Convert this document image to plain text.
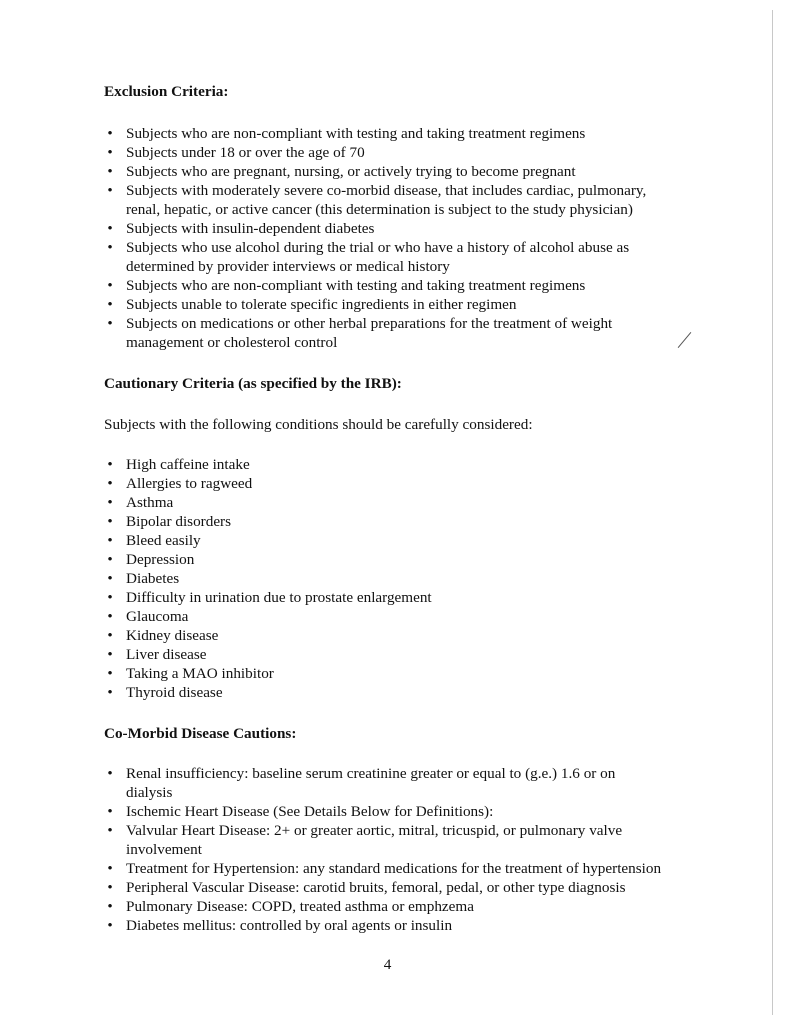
Exclusion Criteria:
• Subjects who are non-compliant with testing and taking treatment regimens
• Subjects under 18 or over the age of 70
• Subjects who are pregnant, nursing, or actively trying to become pregnant
• Subjects with moderately severe co-morbid disease, that includes cardiac, pulmonary, renal, hepatic, or active cancer (this determination is subject to the study physician)
• Subjects with insulin-dependent diabetes
• Subjects who use alcohol during the trial or who have a history of alcohol abuse as determined by provider interviews or medical history
• Subjects who are non-compliant with testing and taking treatment regimens
• Subjects unable to tolerate specific ingredients in either regimen
• Subjects on medications or other herbal preparations for the treatment of weight management or cholesterol control
Cautionary Criteria (as specified by the IRB):

Subjects with the following conditions should be carefully considered:

• High caffeine intake
• Allergies to ragweed
• Asthma
• Bipolar disorders
• Bleed easily
• Depression
• Diabetes
• Difficulty in urination due to prostate enlargement
• Glaucoma
• Kidney disease
• Liver disease
• Taking a MAO inhibitor
• Thyroid disease
Co-Morbid Disease Cautions:
• Renal insufficiency: baseline serum creatinine greater or equal to (g.e.) 1.6 or on dialysis
• Ischemic Heart Disease (See Details Below for Definitions):
• Valvular Heart Disease: 2+ or greater aortic, mitral, tricuspid, or pulmonary valve involvement
• Treatment for Hypertension: any standard medications for the treatment of hypertension
• Peripheral Vascular Disease: carotid bruits, femoral, pedal, or other type diagnosis
• Pulmonary Disease: COPD, treated asthma or emphzema
• Diabetes mellitus: controlled by oral agents or insulin
4
